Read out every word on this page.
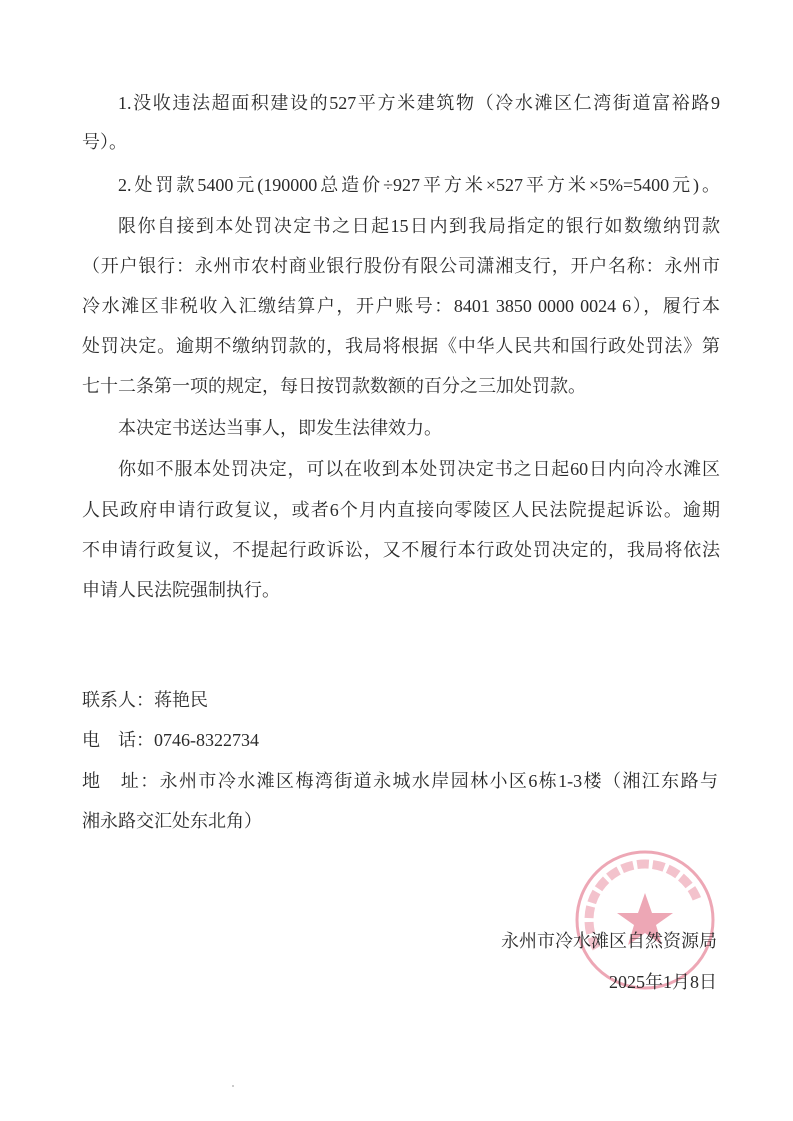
1.没收违法超面积建设的527平方米建筑物（冷水滩区仁湾街道富裕路9
号）。
2.处罚款5400元(190000总造价÷927平方米×527平方米×5%=5400元)。
限你自接到本处罚决定书之日起15日内到我局指定的银行如数缴纳罚款
（开户银行：永州市农村商业银行股份有限公司潇湘支行，开户名称：永州市
冷水滩区非税收入汇缴结算户，开户账号：8401 3850 0000 0024 6），履行本
处罚决定。逾期不缴纳罚款的，我局将根据《中华人民共和国行政处罚法》第
七十二条第一项的规定，每日按罚款数额的百分之三加处罚款。
本决定书送达当事人，即发生法律效力。
你如不服本处罚决定，可以在收到本处罚决定书之日起60日内向冷水滩区
人民政府申请行政复议，或者6个月内直接向零陵区人民法院提起诉讼。逾期
不申请行政复议，不提起行政诉讼，又不履行本行政处罚决定的，我局将依法
申请人民法院强制执行。
联系人：蒋艳民
电　话：0746-8322734
地　址：永州市冷水滩区梅湾街道永城水岸园林小区6栋1-3楼（湘江东路与
湘永路交汇处东北角）
永州市冷水滩区自然资源局
2025年1月8日
